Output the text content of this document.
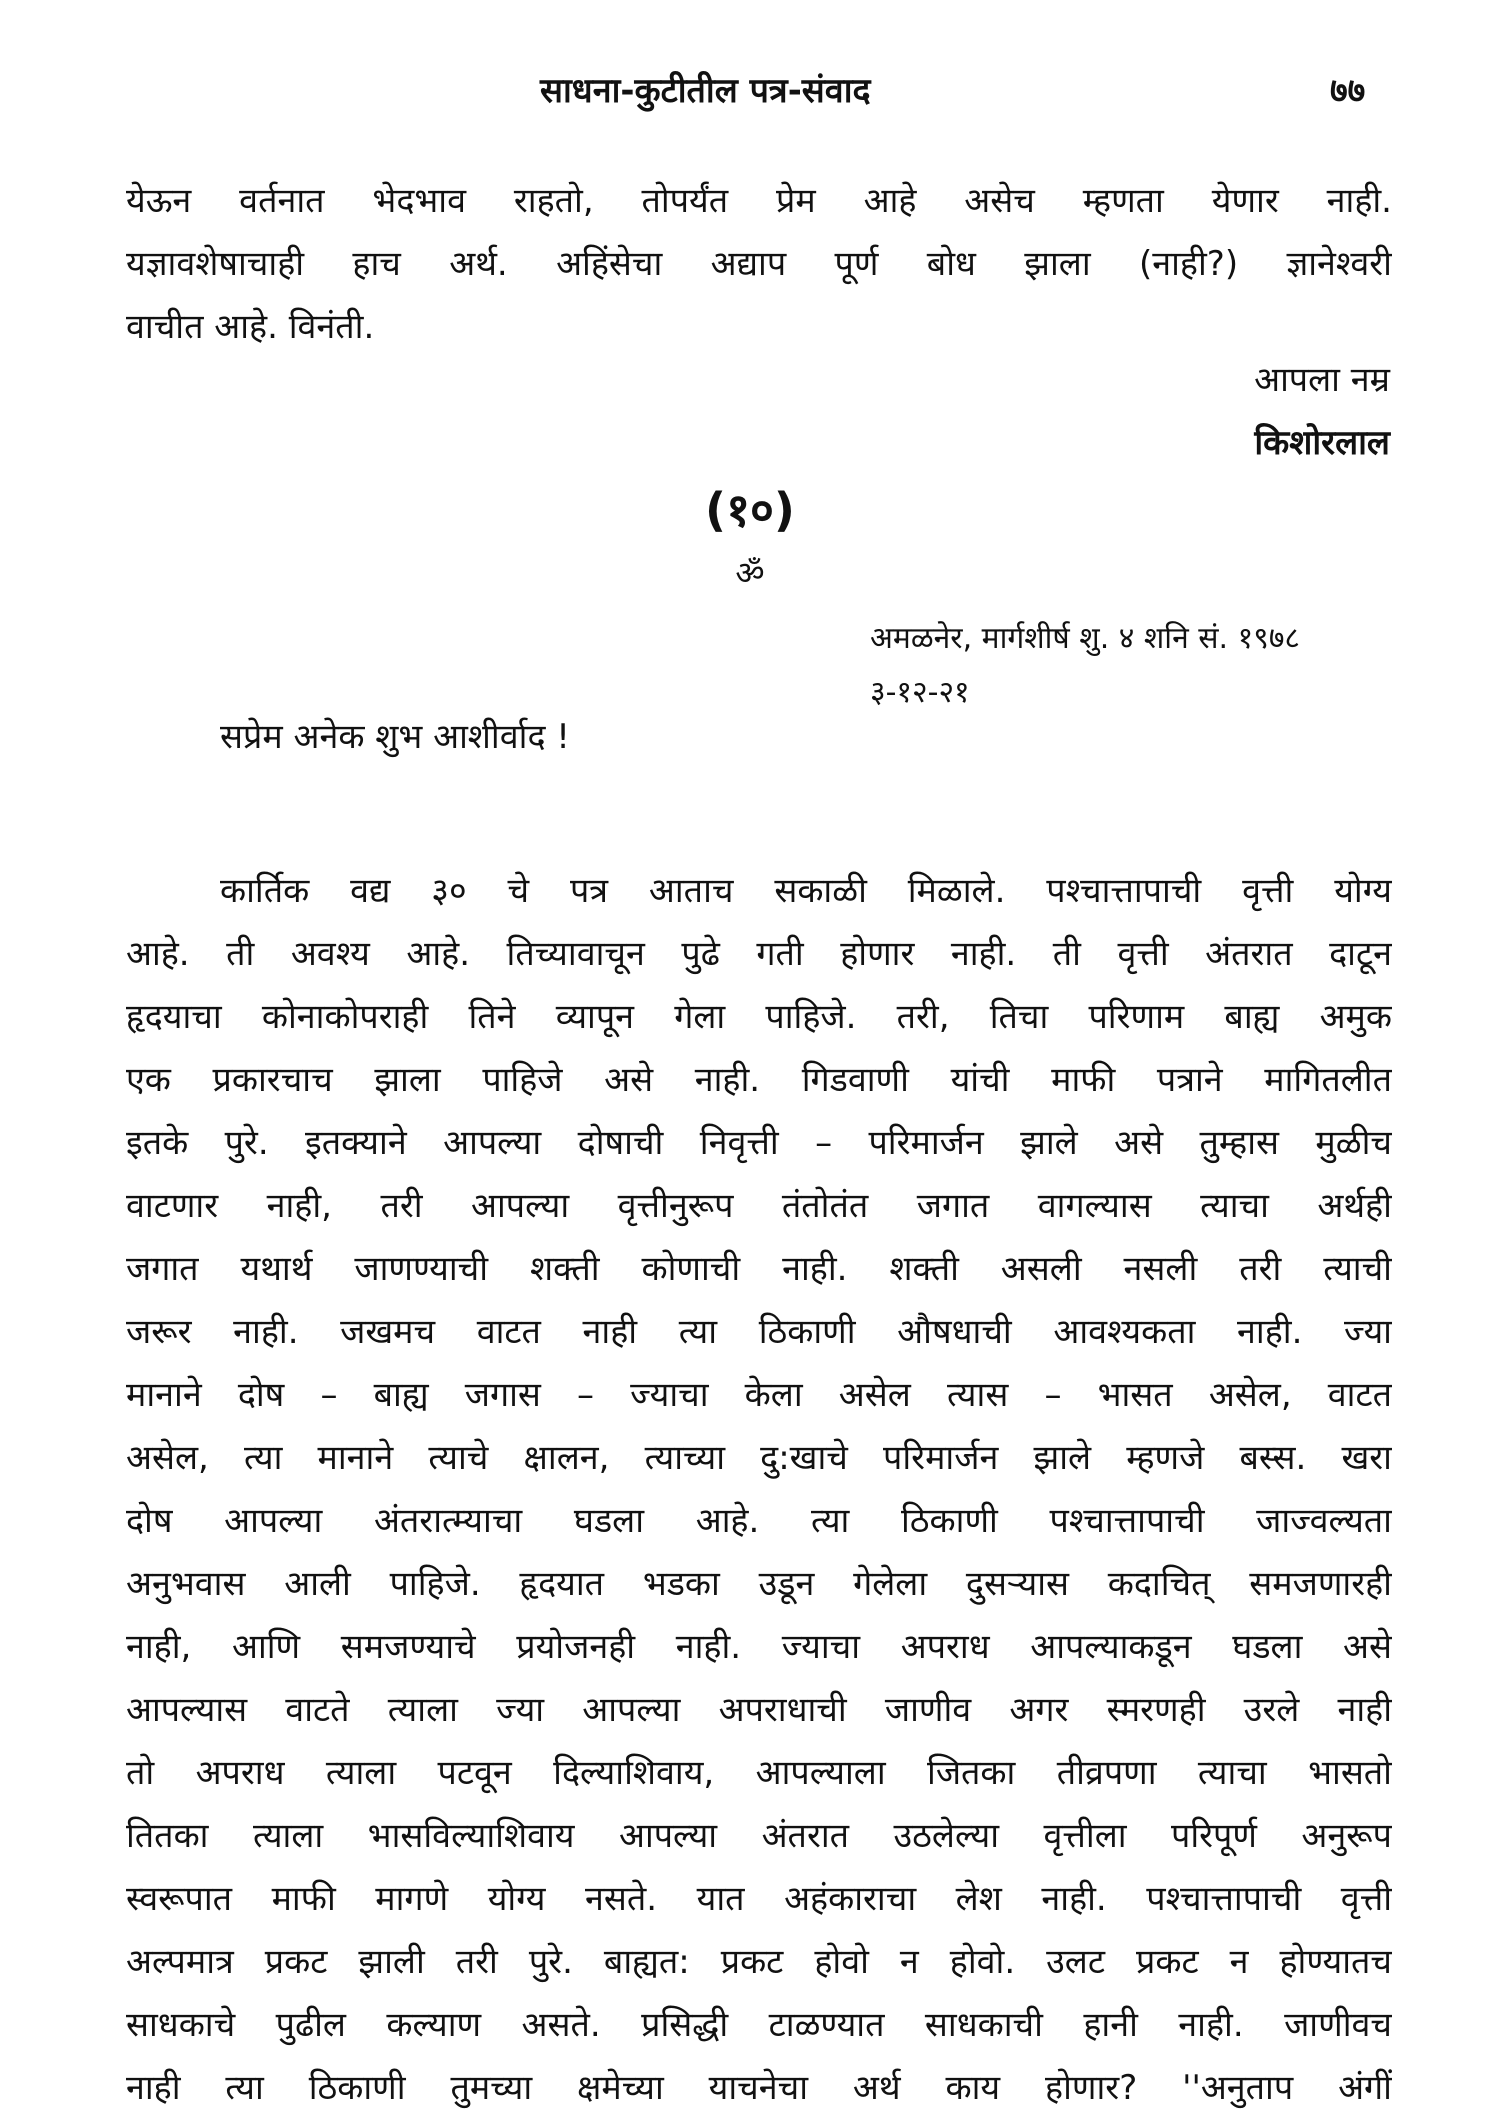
साधना-कुटीतील पत्र-संवाद	७७
येऊन वर्तनात भेदभाव राहतो, तोपर्यंत प्रेम आहे असेच म्हणता येणार नाही.
यज्ञावशेषाचाही हाच अर्थ. अहिंसेचा अद्याप पूर्ण बोध झाला (नाही?) ज्ञानेश्वरी
वाचीत आहे. विनंती.
आपला नम्र
किशोरलाल
(१०)
ॐ
अमळनेर, मार्गशीर्ष शु. ४ शनि सं. १९७८
३-१२-२१
सप्रेम अनेक शुभ आशीर्वाद !
कार्तिक वद्य ३० चे पत्र आताच सकाळी मिळाले. पश्चात्तापाची वृत्ती योग्य
आहे. ती अवश्य आहे. तिच्यावाचून पुढे गती होणार नाही. ती वृत्ती अंतरात दाटून
हृदयाचा कोनाकोपराही तिने व्यापून गेला पाहिजे. तरी, तिचा परिणाम बाह्य अमुक
एक प्रकारचाच झाला पाहिजे असे नाही. गिडवाणी यांची माफी पत्राने मागितलीत
इतके पुरे. इतक्याने आपल्या दोषाची निवृत्ती – परिमार्जन झाले असे तुम्हास मुळीच
वाटणार नाही, तरी आपल्या वृत्तीनुरूप तंतोतंत जगात वागल्यास त्याचा अर्थही
जगात यथार्थ जाणण्याची शक्ती कोणाची नाही. शक्ती असली नसली तरी त्याची
जरूर नाही. जखमच वाटत नाही त्या ठिकाणी औषधाची आवश्यकता नाही. ज्या
मानाने दोष – बाह्य जगास – ज्याचा केला असेल त्यास – भासत असेल, वाटत
असेल, त्या मानाने त्याचे क्षालन, त्याच्या दु:खाचे परिमार्जन झाले म्हणजे बस्स. खरा
दोष आपल्या अंतरात्म्याचा घडला आहे. त्या ठिकाणी पश्चात्तापाची जाज्वल्यता
अनुभवास आली पाहिजे. हृदयात भडका उडून गेलेला दुसऱ्यास कदाचित् समजणारही
नाही, आणि समजण्याचे प्रयोजनही नाही. ज्याचा अपराध आपल्याकडून घडला असे
आपल्यास वाटते त्याला ज्या आपल्या अपराधाची जाणीव अगर स्मरणही उरले नाही
तो अपराध त्याला पटवून दिल्याशिवाय, आपल्याला जितका तीव्रपणा त्याचा भासतो
तितका त्याला भासविल्याशिवाय आपल्या अंतरात उठलेल्या वृत्तीला परिपूर्ण अनुरूप
स्वरूपात माफी मागणे योग्य नसते. यात अहंकाराचा लेश नाही. पश्चात्तापाची वृत्ती
अल्पमात्र प्रकट झाली तरी पुरे. बाह्यत: प्रकट होवो न होवो. उलट प्रकट न होण्यातच
साधकाचे पुढील कल्याण असते. प्रसिद्धी टाळण्यात साधकाची हानी नाही. जाणीवच
नाही त्या ठिकाणी तुमच्या क्षमेच्या याचनेचा अर्थ काय होणार? ''अनुताप अंगीं
